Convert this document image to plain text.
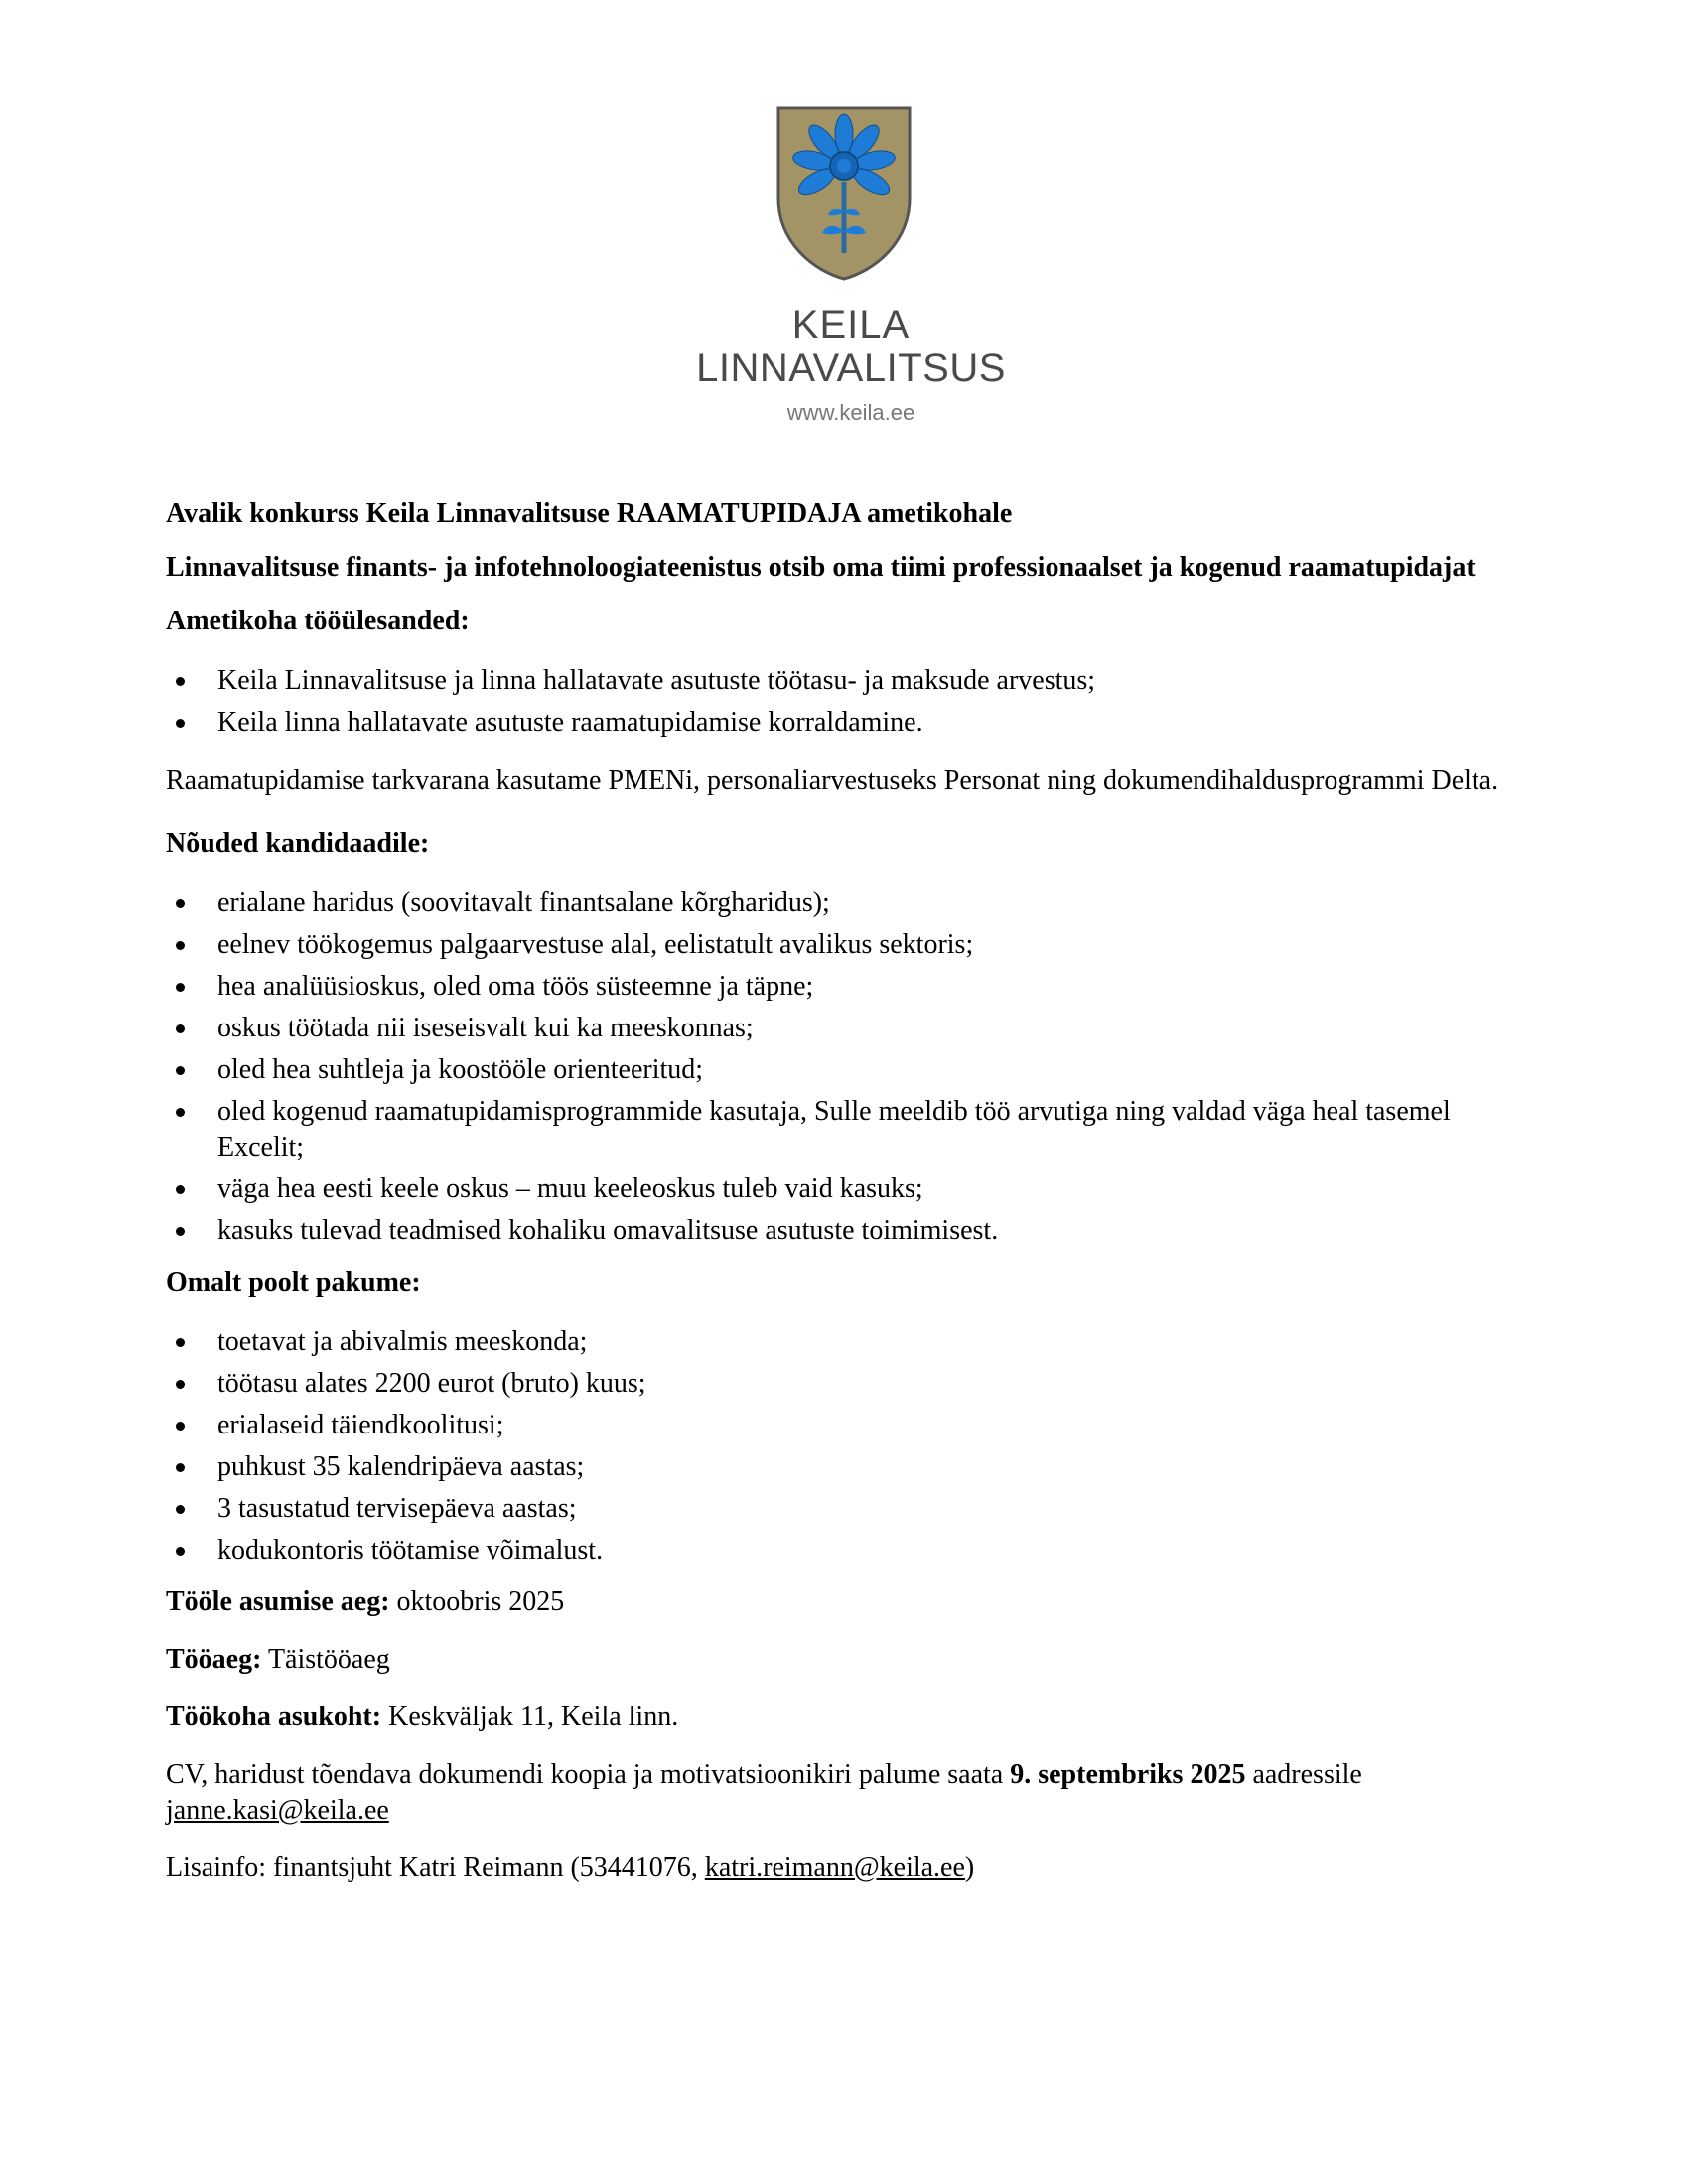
KEILA
LINNAVALITSUS
www.keila.ee
Avalik konkurss Keila Linnavalitsuse RAAMATUPIDAJA ametikohale
Linnavalitsuse finants- ja infotehnoloogiateenistus otsib oma tiimi professionaalset ja kogenud raamatupidajat
Ametikoha tööülesanded:
Keila Linnavalitsuse ja linna hallatavate asutuste töötasu- ja maksude arvestus;
Keila linna hallatavate asutuste raamatupidamise korraldamine.
Raamatupidamise tarkvarana kasutame PMENi, personaliarvestuseks Personat ning dokumendihaldusprogrammi Delta.
Nõuded kandidaadile:
erialane haridus (soovitavalt finantsalane kõrgharidus);
eelnev töökogemus palgaarvestuse alal, eelistatult avalikus sektoris;
hea analüüsioskus, oled oma töös süsteemne ja täpne;
oskus töötada nii iseseisvalt kui ka meeskonnas;
oled hea suhtleja ja koostööle orienteeritud;
oled kogenud raamatupidamisprogrammide kasutaja, Sulle meeldib töö arvutiga ning valdad väga heal tasemel Excelit;
väga hea eesti keele oskus – muu keeleoskus tuleb vaid kasuks;
kasuks tulevad teadmised kohaliku omavalitsuse asutuste toimimisest.
Omalt poolt pakume:
toetavat ja abivalmis meeskonda;
töötasu alates 2200 eurot (bruto) kuus;
erialaseid täiendkoolitusi;
puhkust 35 kalendripäeva aastas;
3 tasustatud tervisepäeva aastas;
kodukontoris töötamise võimalust.
Tööle asumise aeg: oktoobris 2025
Tööaeg: Täistööaeg
Töökoha asukoht: Keskväljak 11, Keila linn.
CV, haridust tõendava dokumendi koopia ja motivatsioonikiri palume saata 9. septembriks 2025 aadressile
janne.kasi@keila.ee
Lisainfo: finantsjuht Katri Reimann (53441076, katri.reimann@keila.ee)
